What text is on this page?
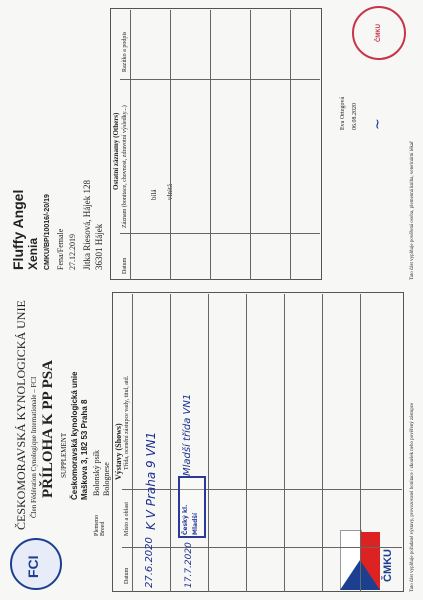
FCI	ČMKU
ČESKOMORAVSKÁ KYNOLOGICKÁ UNIE Člen Fédération Cynologique Internationale – FCI PŘÍLOHA K PP PSA SUPPLEMENT Českomoravská kynologická unie Maškova 3, 182 53 Praha 8
Plemeno
Breed
Bolonský psík
Bolognese Výstavy (Shows)
Datum
Místo a oblast
Třída, ocenění zástupce vady, titul, atd.
27.6.2020
K V Praha 9 VN1
17.7.2020
Český kl. Mladší
Mladší třída VN1	Tato část vyplňuje pořadatel výstavy, provozovatel bonitace / zkoušek nebo pověřený zástupce
Fluffy Angel Xenia CMKU/BP/10016/-20/19 Fena/Female 27.12.2019 Jitka Riesová, Hájek 128 36301 Hájek
bílá vlnitá
Eva Ortegová 06.08.2020 ~
ČMKU
Ostatní záznamy (Others)
Datum
Záznam (bonitace, chovnost, zdravotní výsledky...)
Razítko a podpis
Tato část vyplňuje pověřená osoba, plemenná kniha, veterinární lékař
